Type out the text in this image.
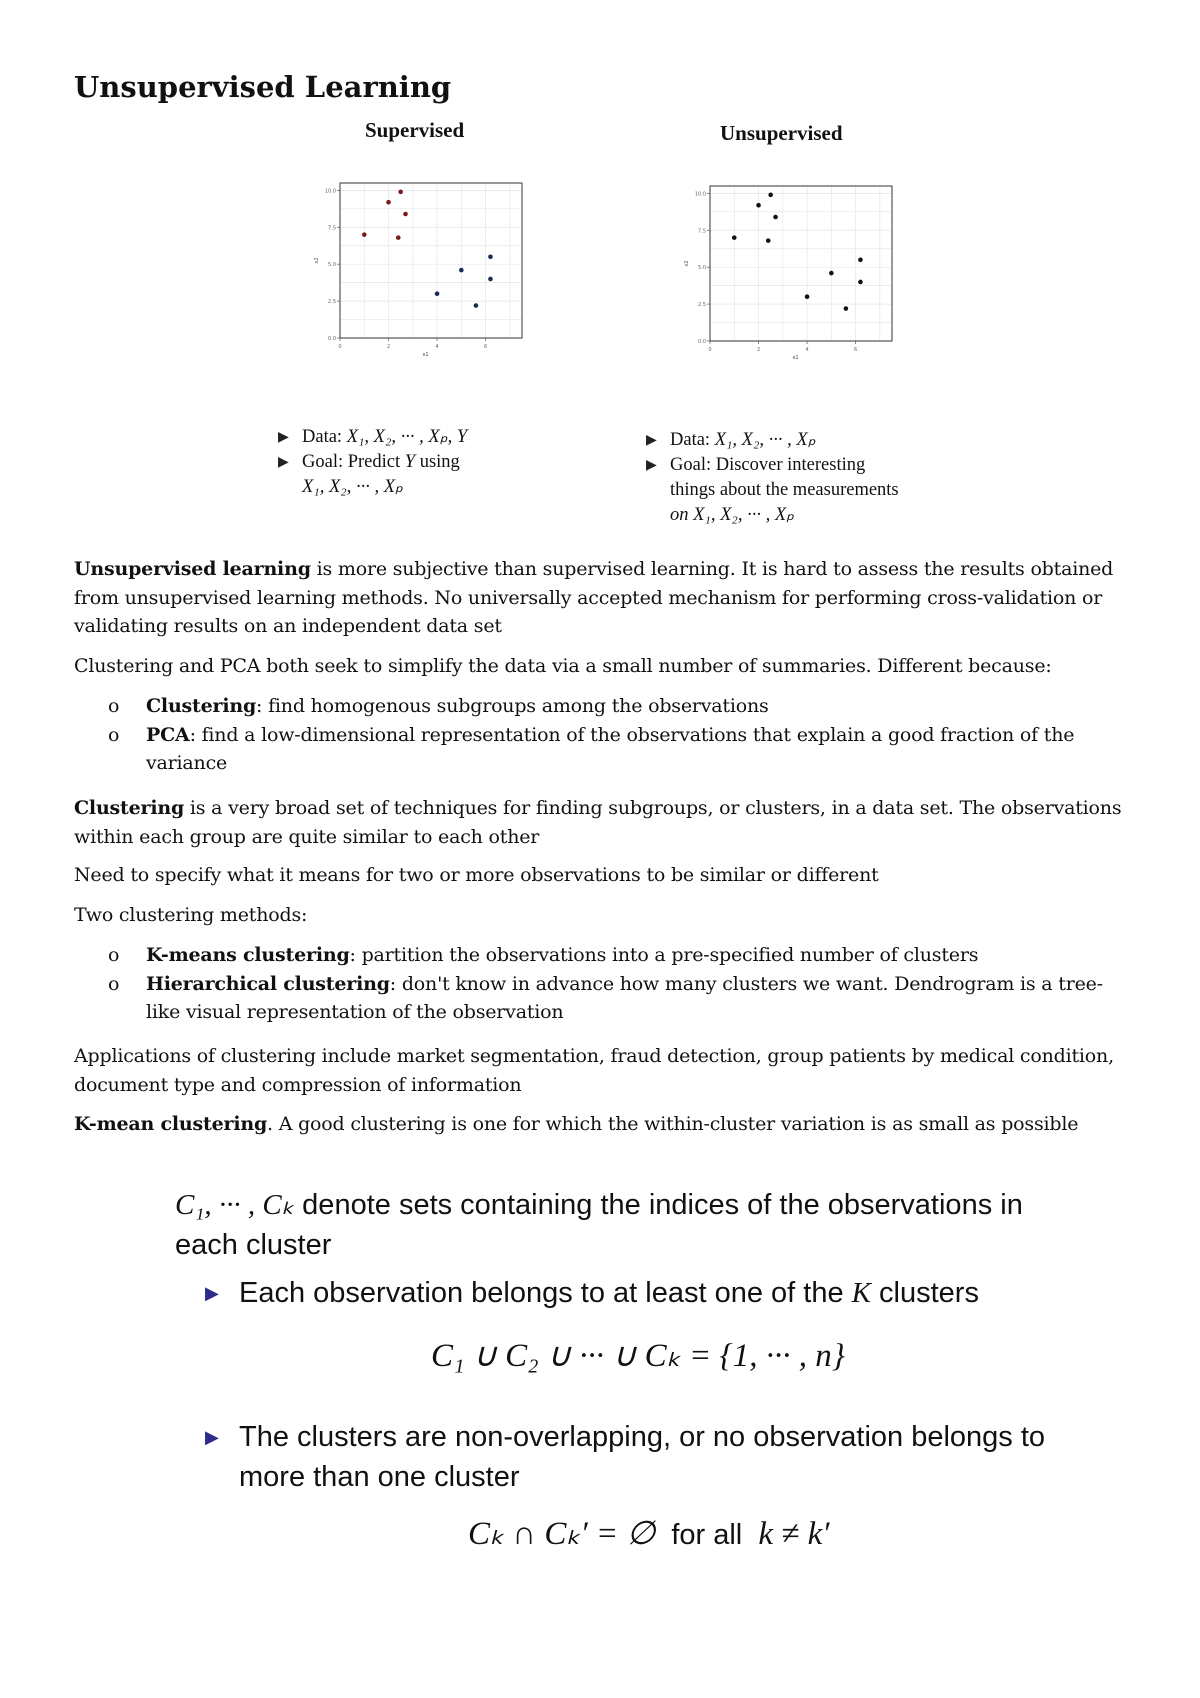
Unsupervised Learning
Supervised
0	2	4	6
0.0
2.5
5.0
7.5
10.0
x1
x2
Unsupervised
0	2	4	6
0.0
2.5
5.0
7.5
10.0
x1
x2
▶ Data: X₁, X₂, ··· , Xₚ, Y
▶ Goal: Predict Y using
X₁, X₂, ··· , Xₚ
▶ Data: X₁, X₂, ··· , Xₚ
▶ Goal: Discover interesting
things about the measurements
on X₁, X₂, ··· , Xₚ
Unsupervised learning is more subjective than supervised learning. It is hard to assess the results obtained from unsupervised learning methods. No universally accepted mechanism for performing cross-validation or validating results on an independent data set
Clustering and PCA both seek to simplify the data via a small number of summaries. Different because:
o Clustering: find homogenous subgroups among the observations
o PCA: find a low-dimensional representation of the observations that explain a good fraction of the variance
Clustering is a very broad set of techniques for finding subgroups, or clusters, in a data set. The observations within each group are quite similar to each other
Need to specify what it means for two or more observations to be similar or different
Two clustering methods:
o K-means clustering: partition the observations into a pre-specified number of clusters
o Hierarchical clustering: don't know in advance how many clusters we want. Dendrogram is a tree-like visual representation of the observation
Applications of clustering include market segmentation, fraud detection, group patients by medical condition, document type and compression of information
K-mean clustering. A good clustering is one for which the within-cluster variation is as small as possible
C₁, ··· , Cₖ denote sets containing the indices of the observations in each cluster
▶ Each observation belongs to at least one of the K clusters
C₁ ∪ C₂ ∪ ··· ∪ Cₖ = {1, ··· , n}
▶ The clusters are non-overlapping, or no observation belongs to more than one cluster
Cₖ ∩ Cₖ′ = ∅  for all  k ≠ k′
